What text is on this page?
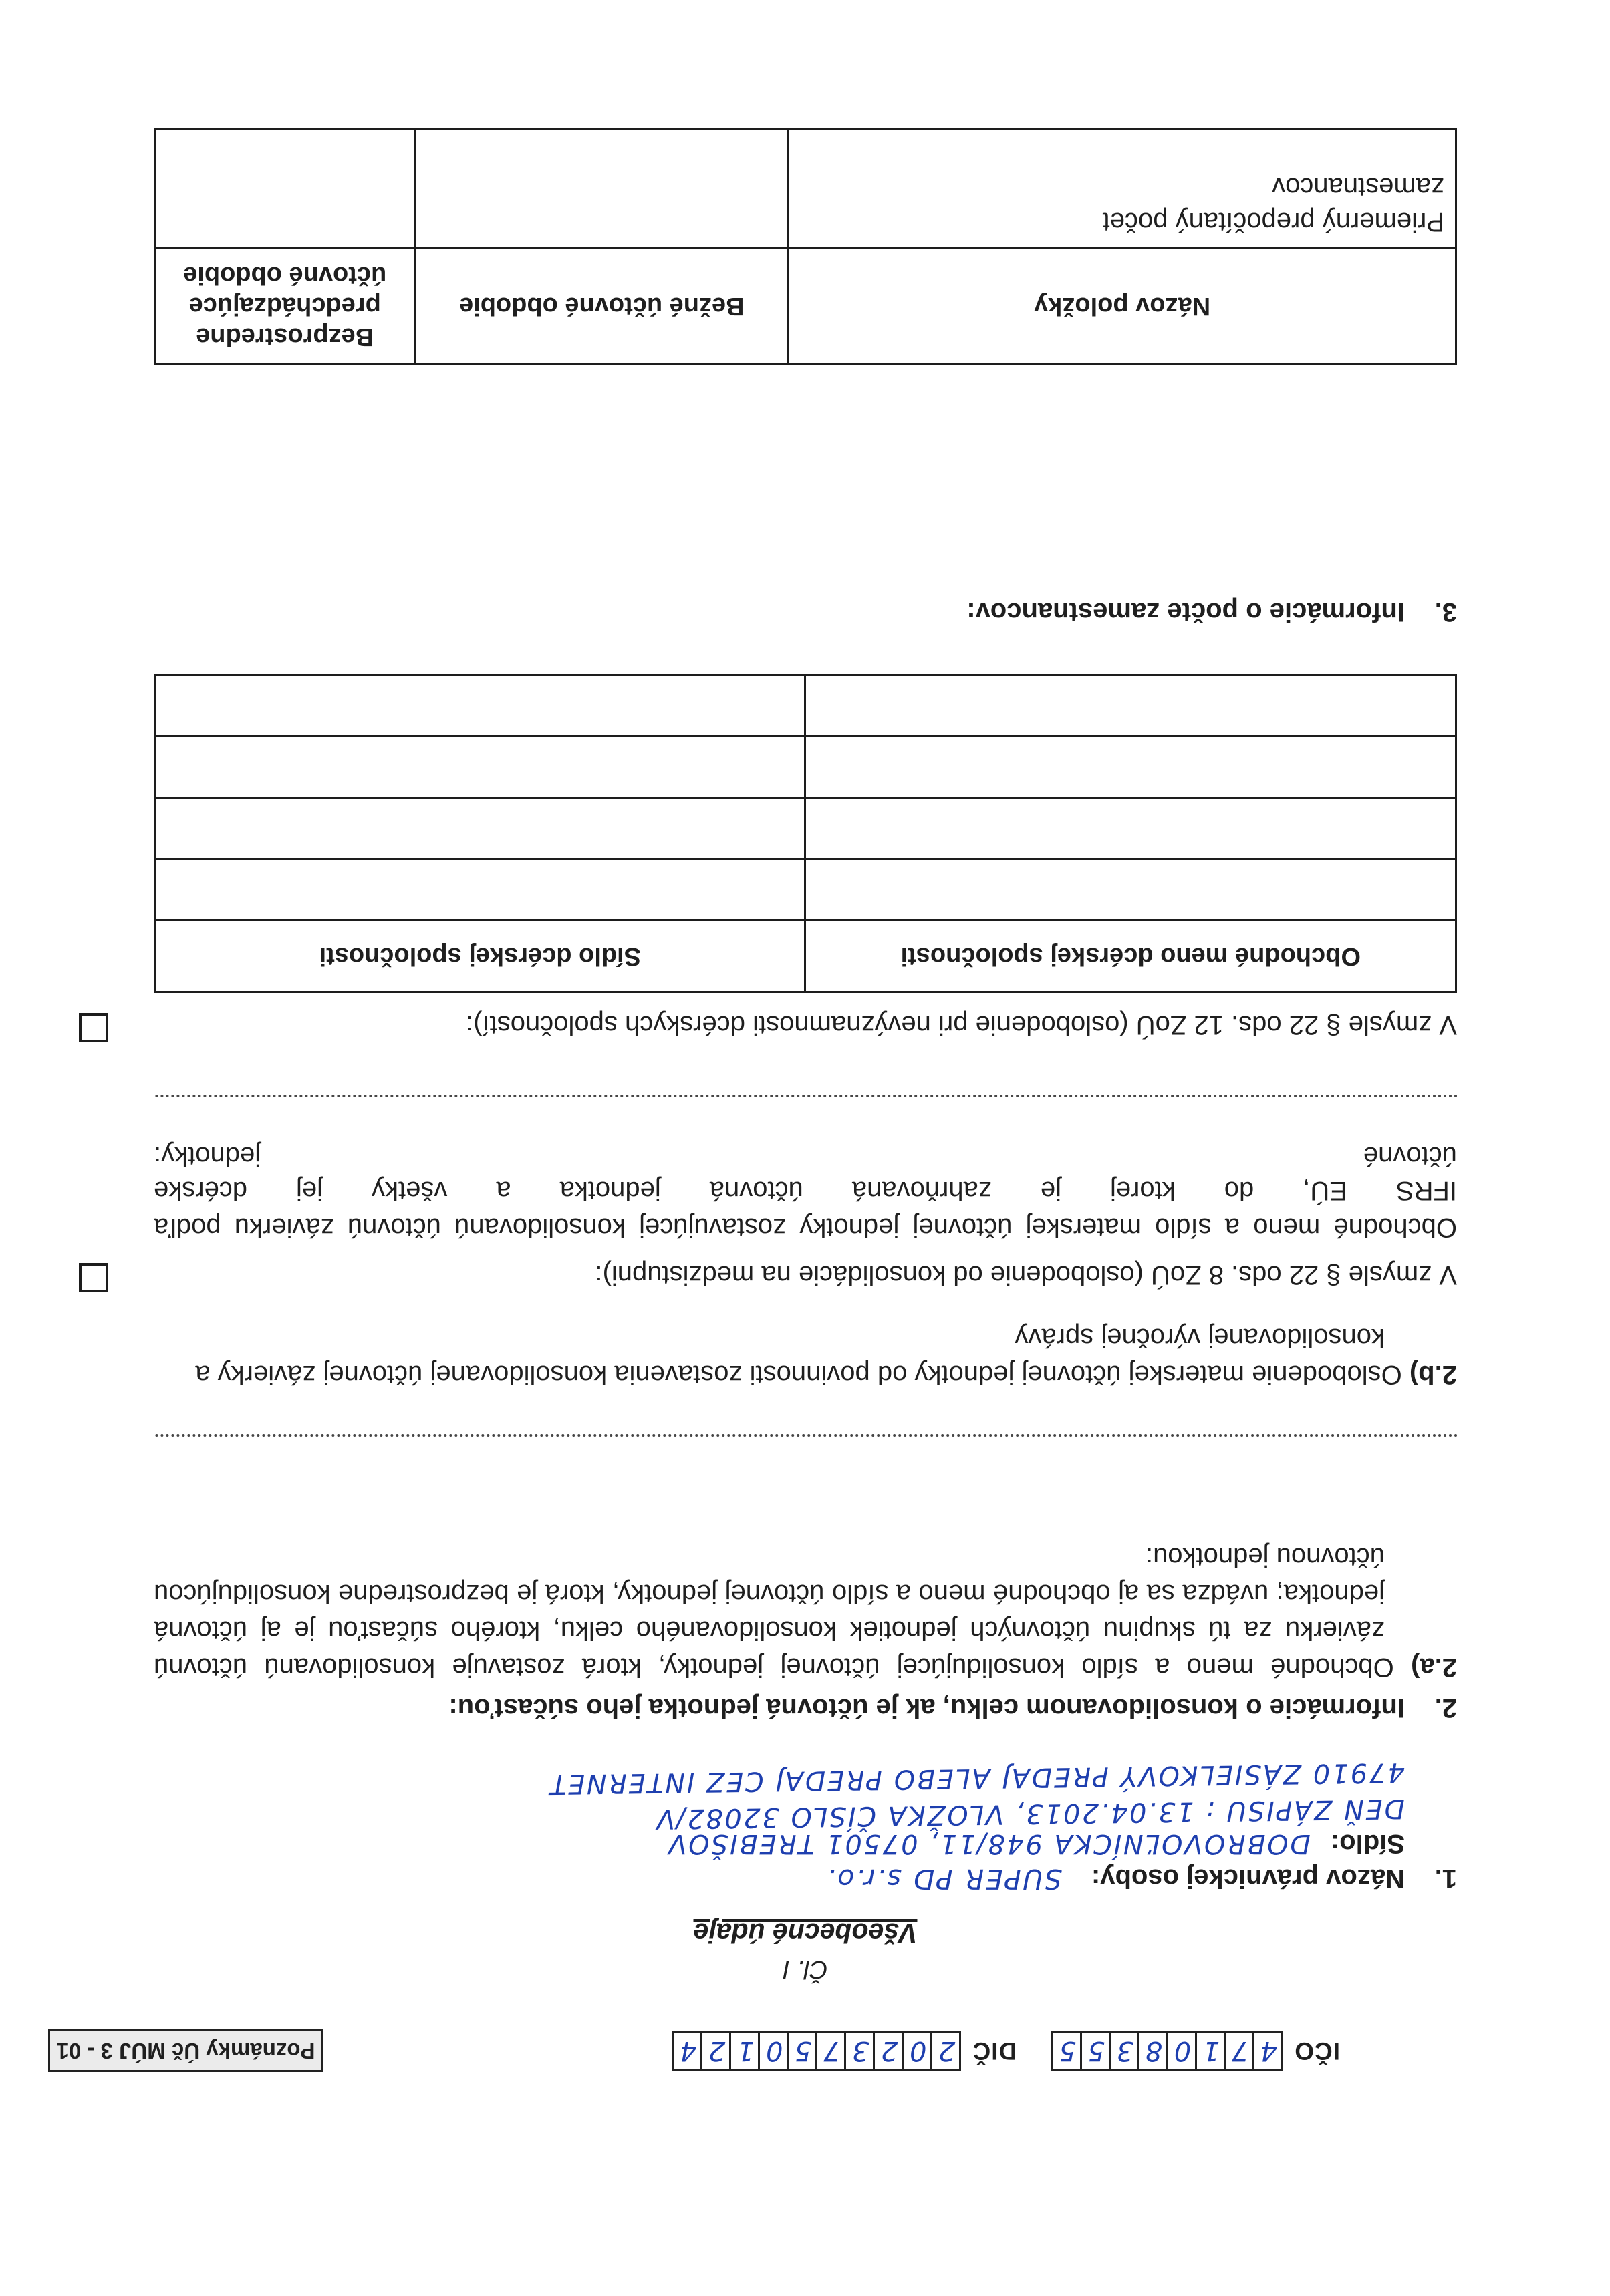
IČO
4
7
1
0
8
3
5
5
DIČ
2
0
2
3
7
5
0
1
2
4
Poznámky Úč MÚJ 3 - 01
Čl. I
Všeobecné údaje
1.Názov právnickej osoby:SUPER PD s.r.o.
Sídlo:DOBROVOĽNÍCKA 948/11, 07501 TREBIŠOV
DEŇ ZÁPISU : 13.04.2013, VLOŽKA ČÍSLO 32082/V
47910 ZÁSIELKOVÝ PREDAJ ALEBO PREDAJ CEZ INTERNET
2.Informácie o konsolidovanom celku, ak je účtovná jednotka jeho súčasťou:

2.a) Obchodné meno a sídlo konsolidujúcej účtovnej jednotky, ktorá zostavuje konsolidovanú účtovnú závierku za tú skupinu účtovných jednotiek konsolidovaného celku, ktorého súčasťou je aj účtovná jednotka; uvádza sa aj obchodné meno a sídlo účtovnej jednotky, ktorá je bezprostredne konsolidujúcou účtovnou jednotkou:

2.b) Oslobodenie materskej účtovnej jednotky od povinnosti zostavenia konsolidovanej účtovnej závierky a konsolidovanej výročnej správy

V zmysle § 22 ods. 8 ZoÚ (oslobodenie od konsolidácie na medzistupni):

Obchodné meno a sídlo materskej účtovnej jednotky zostavujúcej konsolidovanú účtovnú závierku podľa IFRS EÚ, do ktorej je zahrňovaná účtovná jednotka a všetky jej dcérske

účtovné
jednotky:
V zmysle § 22 ods. 12 ZoÚ (oslobodenie pri nevýznamnosti dcérskych spoločností):
Obchodné meno dcérskej spoločnosti	Sídlo dcérskej spoločnosti

3.Informácie o počte zamestnancov:
Názov položky	Bežné účtovné obdobie	Bezprostredne predchádzajúce účtovné obdobie
Priemerný prepočítaný počet zamestnancov		
